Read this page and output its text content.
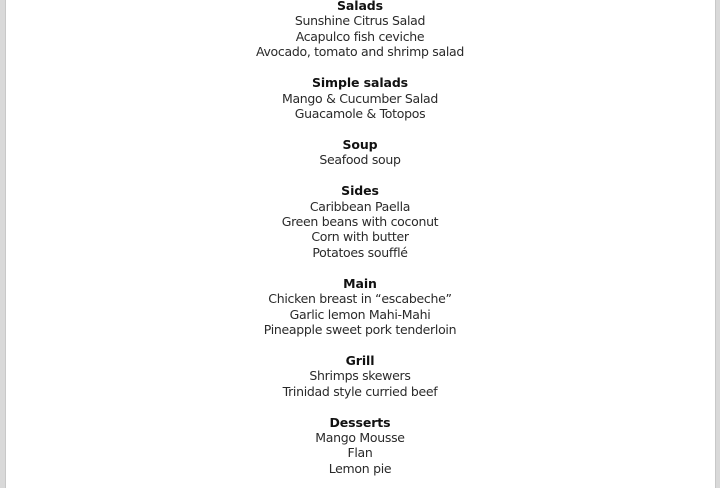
Salads
Sunshine Citrus Salad
Acapulco fish ceviche
Avocado, tomato and shrimp salad
Simple salads
Mango & Cucumber Salad
Guacamole & Totopos
Soup
Seafood soup
Sides
Caribbean Paella
Green beans with coconut
Corn with butter
Potatoes soufflé
Main
Chicken breast in “escabeche”
Garlic lemon Mahi-Mahi
Pineapple sweet pork tenderloin
Grill
Shrimps skewers
Trinidad style curried beef
Desserts
Mango Mousse
Flan
Lemon pie
